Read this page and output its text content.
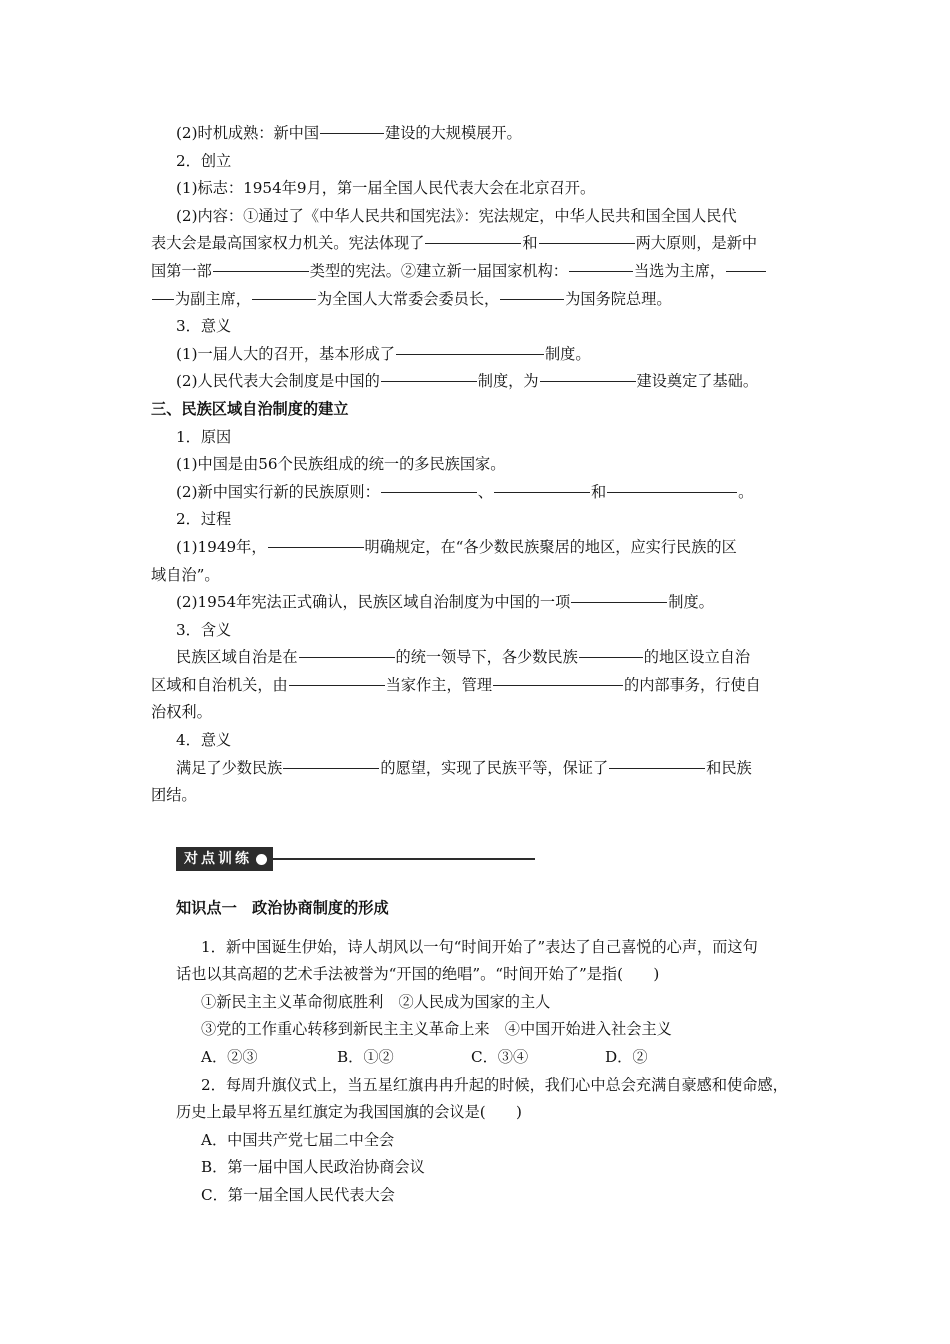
(2)时机成熟：新中国	建设的大规模展开。
2．创立
(1)标志：1954年9月，第一届全国人民代表大会在北京召开。
(2)内容：①通过了《中华人民共和国宪法》：宪法规定，中华人民共和国全国人民代
表大会是最高国家权力机关。宪法体现了	和	两大原则，是新中
国第一部	类型的宪法。②建立新一届国家机构：	当选为主席，
为副主席，	为全国人大常委会委员长，	为国务院总理。
3．意义
(1)一届人大的召开，基本形成了	制度。
(2)人民代表大会制度是中国的	制度，为	建设奠定了基础。
三、民族区域自治制度的建立
1．原因
(1)中国是由56个民族组成的统一的多民族国家。
(2)新中国实行新的民族原则：	、	和	。
2．过程
(1)1949年，	明确规定，在“各少数民族聚居的地区，应实行民族的区
域自治”。
(2)1954年宪法正式确认，民族区域自治制度为中国的一项	制度。
3．含义
民族区域自治是在	的统一领导下，各少数民族	的地区设立自治
区域和自治机关，由	当家作主，管理	的内部事务，行使自
治权利。
4．意义
满足了少数民族	的愿望，实现了民族平等，保证了	和民族
团结。
对点训练
知识点一　政治协商制度的形成
1．新中国诞生伊始，诗人胡风以一句“时间开始了”表达了自己喜悦的心声，而这句
话也以其高超的艺术手法被誉为“开国的绝唱”。“时间开始了”是指(　　)
①新民主主义革命彻底胜利　②人民成为国家的主人
③党的工作重心转移到新民主主义革命上来　④中国开始进入社会主义
A．②③	B．①②	C．③④	D．②
2．每周升旗仪式上，当五星红旗冉冉升起的时候，我们心中总会充满自豪感和使命感，
历史上最早将五星红旗定为我国国旗的会议是(　　)
A．中国共产党七届二中全会
B．第一届中国人民政治协商会议
C．第一届全国人民代表大会
